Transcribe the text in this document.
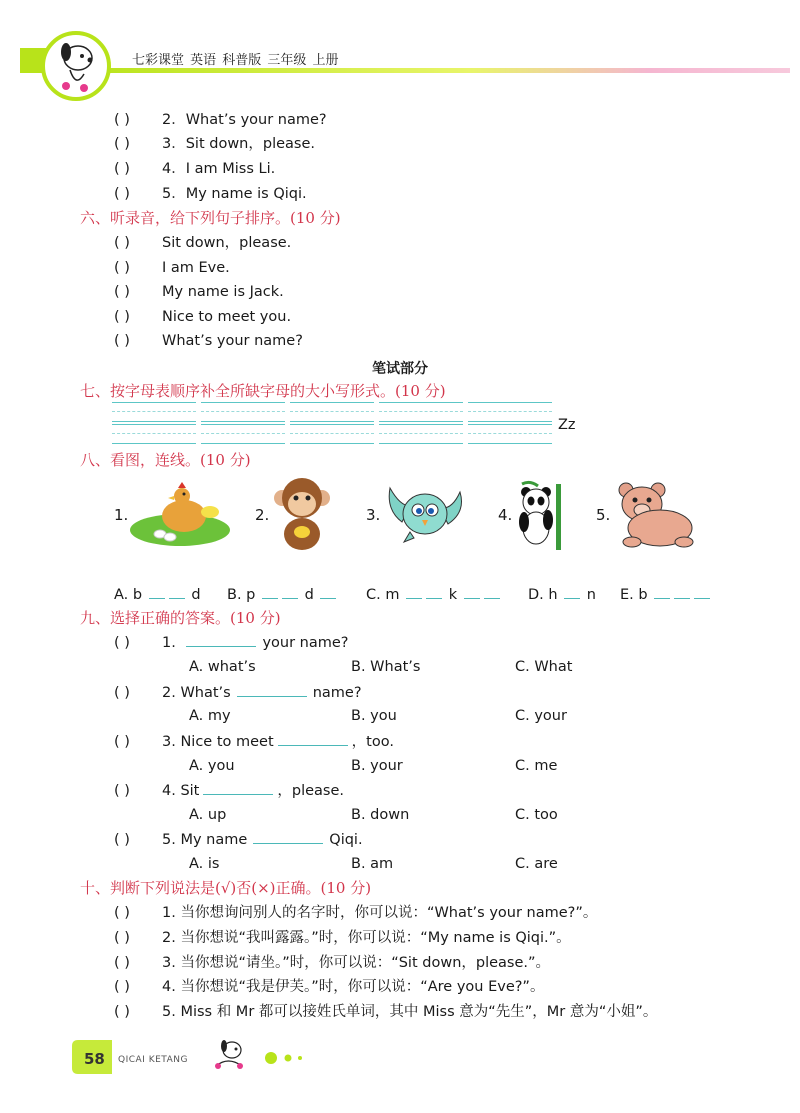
七彩课堂 英语 科普版 三年级 上册
( ) 2．What’s your name?
( ) 3．Sit down，please.
( ) 4．I am Miss Li.
( ) 5．My name is Qiqi.
六、听录音，给下列句子排序。(10 分)
( ) Sit down，please.
( ) I am Eve.
( ) My name is Jack.
( ) Nice to meet you.
( ) What’s your name?
笔试部分
七、按字母表顺序补全所缺字母的大小写形式。(10 分)
Zz
八、看图，连线。(10 分)
1.	2.	3.	4.	5.
A. b	d B. p	d	C. m	k	D. h n E. b
九、选择正确的答案。(10 分)
( ) 1.	your name?
A. what’s	B. What’s	C. What
( ) 2. What’s	name?
A. my	B. you	C. your
( ) 3. Nice to meet	，too.
A. you	B. your	C. me
( ) 4. Sit	，please.
A. up	B. down	C. too
( ) 5. My name	Qiqi.
A. is	B. am	C. are
十、判断下列说法是(√)否(×)正确。(10 分)
( ) 1. 当你想询问别人的名字时，你可以说：“What’s your name?”。
( ) 2. 当你想说“我叫露露。”时，你可以说：“My name is Qiqi.”。
( ) 3. 当你想说“请坐。”时，你可以说：“Sit down，please.”。
( ) 4. 当你想说“我是伊芙。”时，你可以说：“Are you Eve?”。
( ) 5. Miss 和 Mr 都可以接姓氏单词，其中 Miss 意为“先生”，Mr 意为“小姐”。
58 QICAI KETANG
